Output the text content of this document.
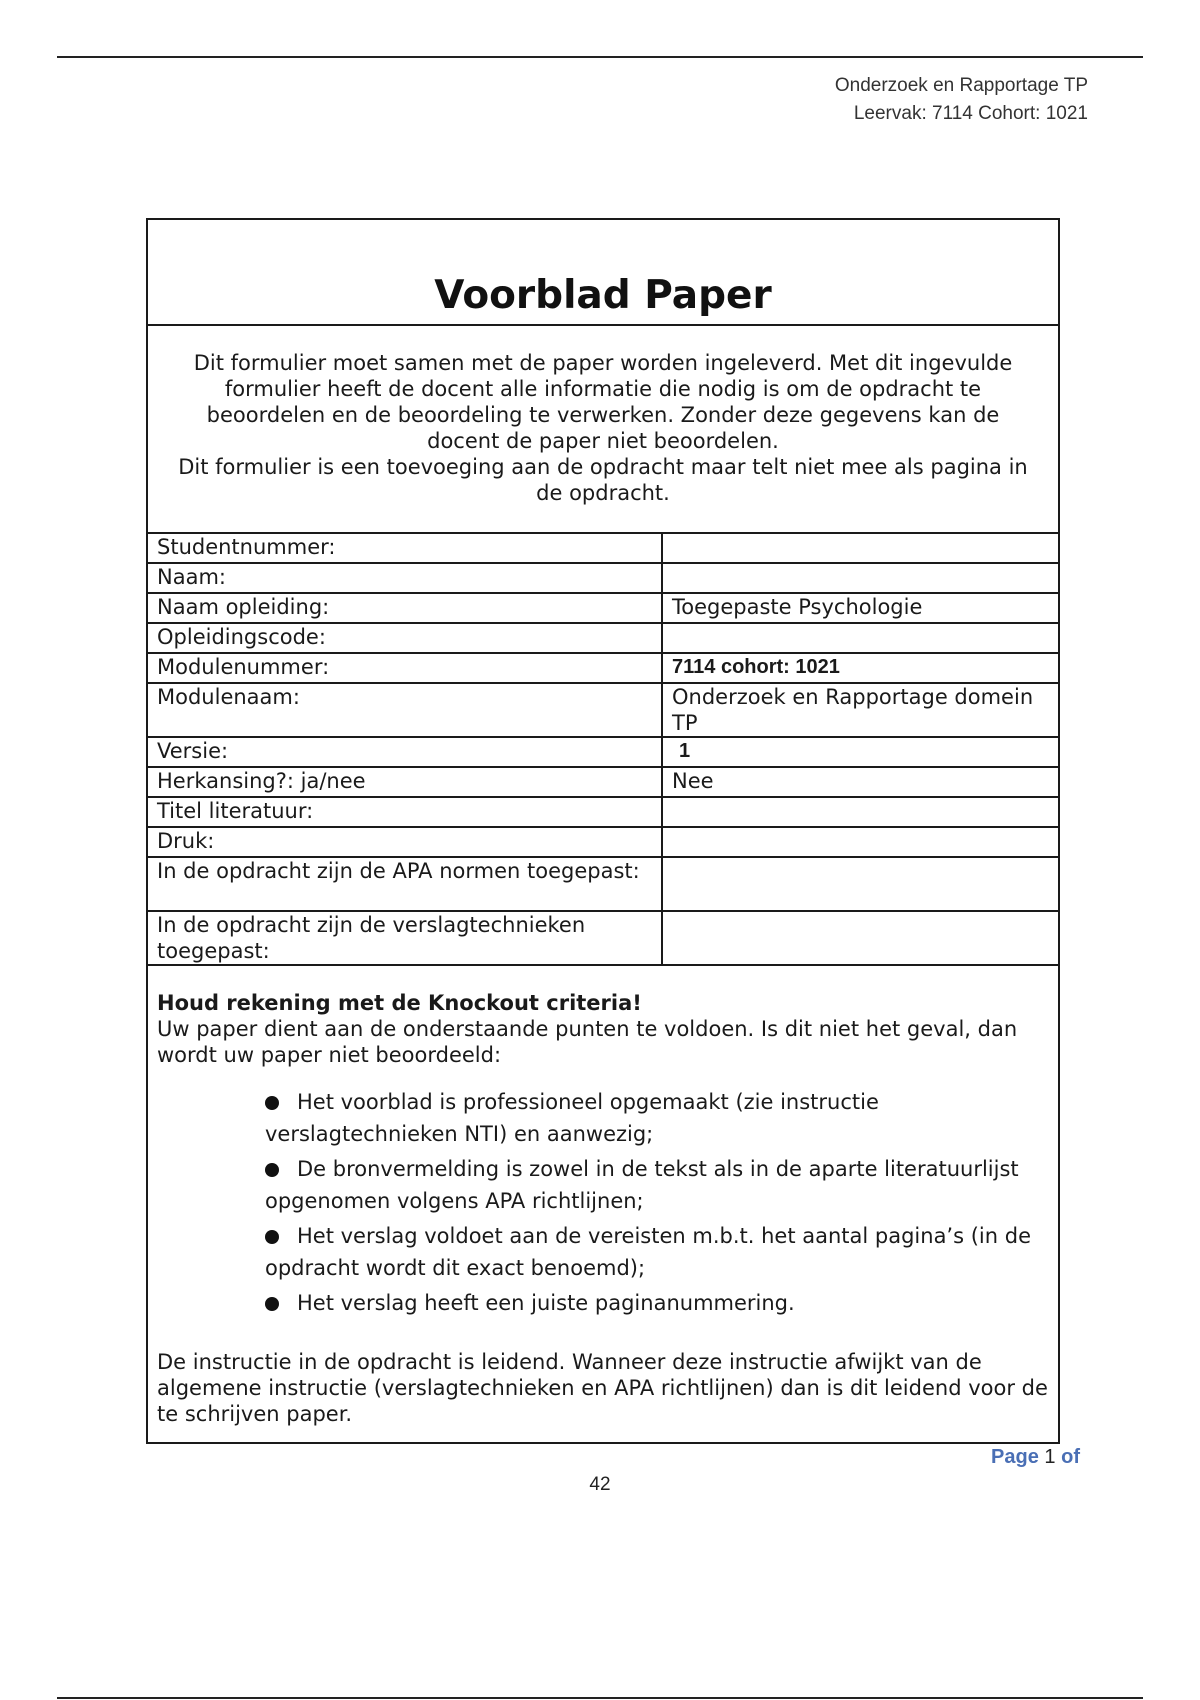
Onderzoek en Rapportage TP
Leervak: 7114 Cohort: 1021
Voorblad Paper

Dit formulier moet samen met de paper worden ingeleverd. Met dit ingevulde formulier heeft de docent alle informatie die nodig is om de opdracht te beoordelen en de beoordeling te verwerken. Zonder deze gegevens kan de docent de paper niet beoordelen.

Dit formulier is een toevoeging aan de opdracht maar telt niet mee als pagina in de opdracht.

Studentnummer:	
Naam:	
Naam opleiding:	Toegepaste Psychologie
Opleidingscode:	
Modulenummer:	7114 cohort: 1021
Modulenaam:	Onderzoek en Rapportage domein TP
Versie:	1
Herkansing?: ja/nee	Nee
Titel literatuur:	
Druk:	
In de opdracht zijn de APA normen toegepast:	
In de opdracht zijn de verslagtechnieken toegepast:	

Houd rekening met de Knockout criteria!

Uw paper dient aan de onderstaande punten te voldoen. Is dit niet het geval, dan wordt uw paper niet beoordeeld:

Het voorblad is professioneel opgemaakt (zie instructie verslagtechnieken NTI) en aanwezig;
De bronvermelding is zowel in de tekst als in de aparte literatuurlijst opgenomen volgens APA richtlijnen;
Het verslag voldoet aan de vereisten m.b.t. het aantal pagina’s (in de opdracht wordt dit exact benoemd);
Het verslag heeft een juiste paginanummering.

De instructie in de opdracht is leidend. Wanneer deze instructie afwijkt van de algemene instructie (verslagtechnieken en APA richtlijnen) dan is dit leidend voor de te schrijven paper.

Page 1 of
42
